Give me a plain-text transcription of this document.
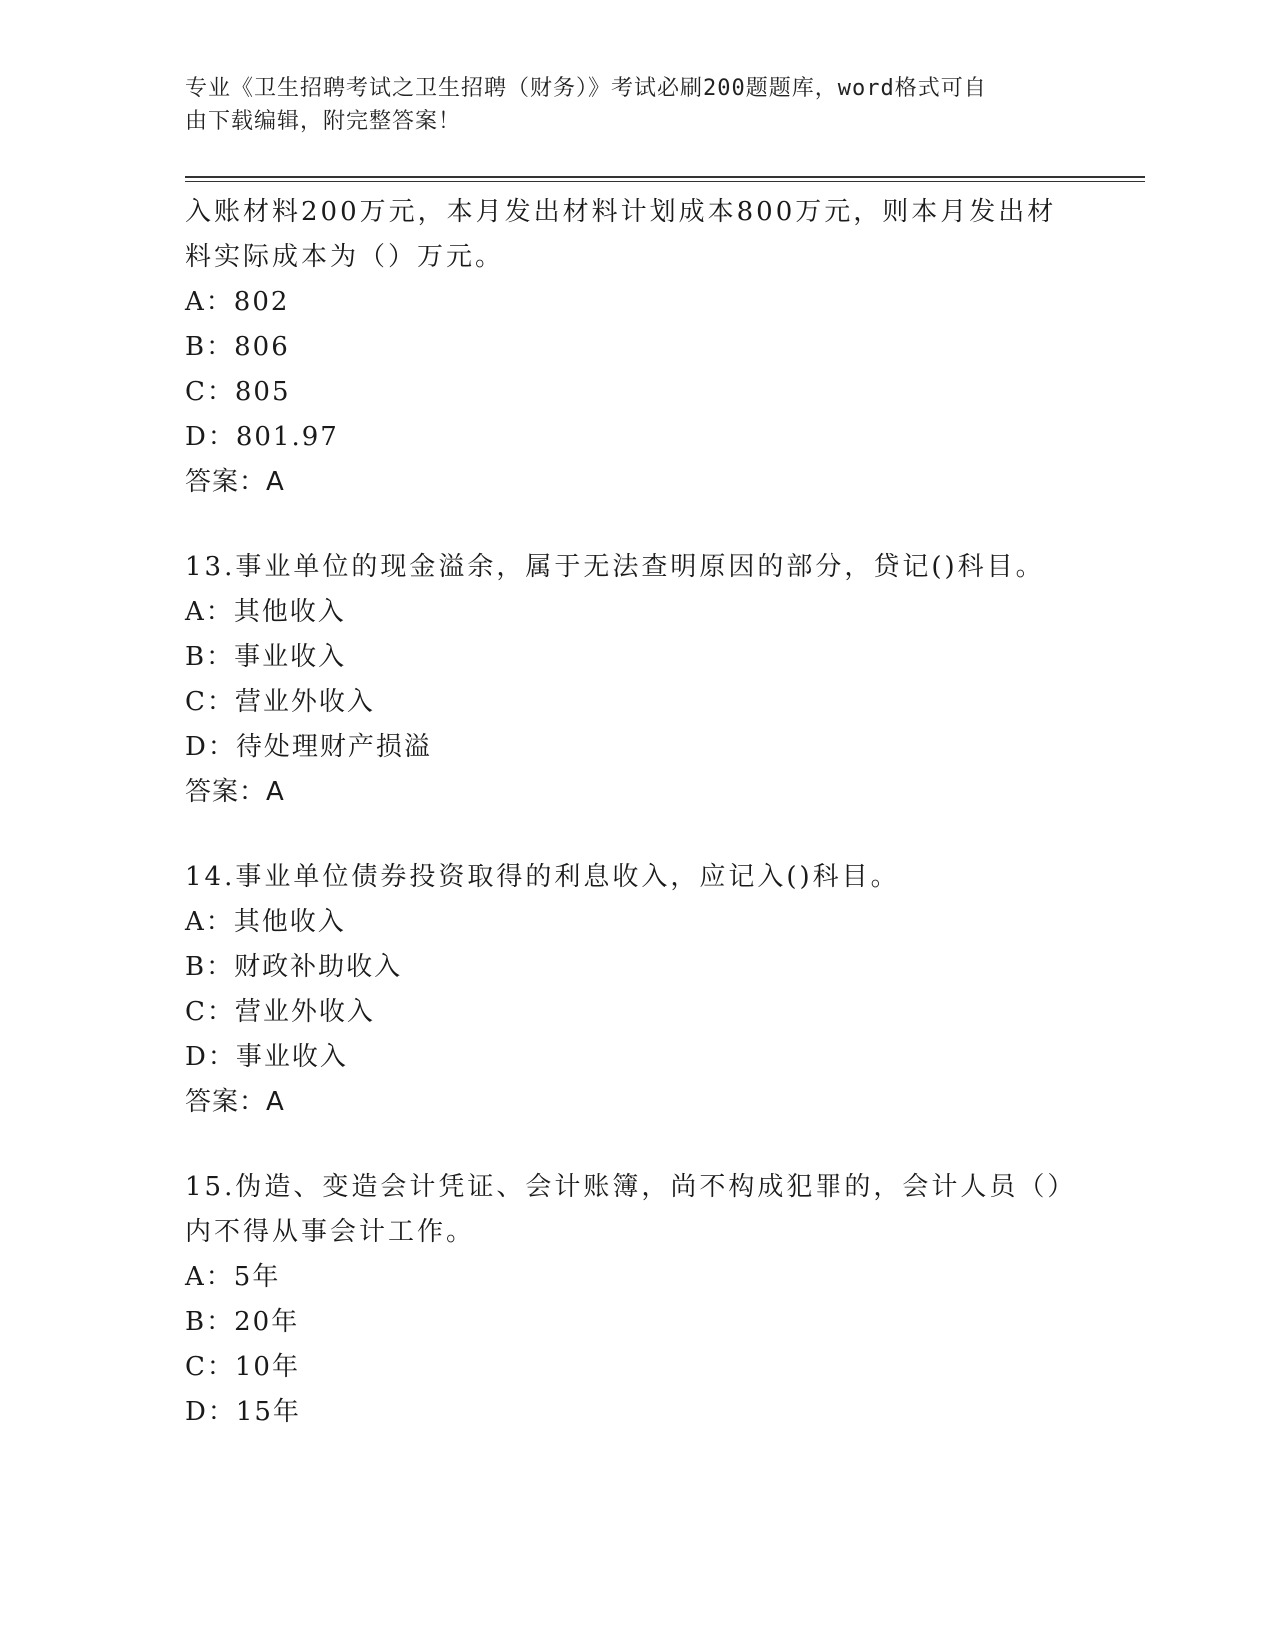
专业《卫生招聘考试之卫生招聘（财务）》考试必刷200题题库，word格式可自
由下载编辑，附完整答案！
入账材料200万元，本月发出材料计划成本800万元，则本月发出材
料实际成本为（）万元。
A：802
B：806
C：805
D：801.97
答案：A
13.事业单位的现金溢余，属于无法查明原因的部分，贷记()科目。
A：其他收入
B：事业收入
C：营业外收入
D：待处理财产损溢
答案：A
14.事业单位债券投资取得的利息收入，应记入()科目。
A：其他收入
B：财政补助收入
C：营业外收入
D：事业收入
答案：A
15.伪造、变造会计凭证、会计账簿，尚不构成犯罪的，会计人员（）
内不得从事会计工作。
A：5年
B：20年
C：10年
D：15年
